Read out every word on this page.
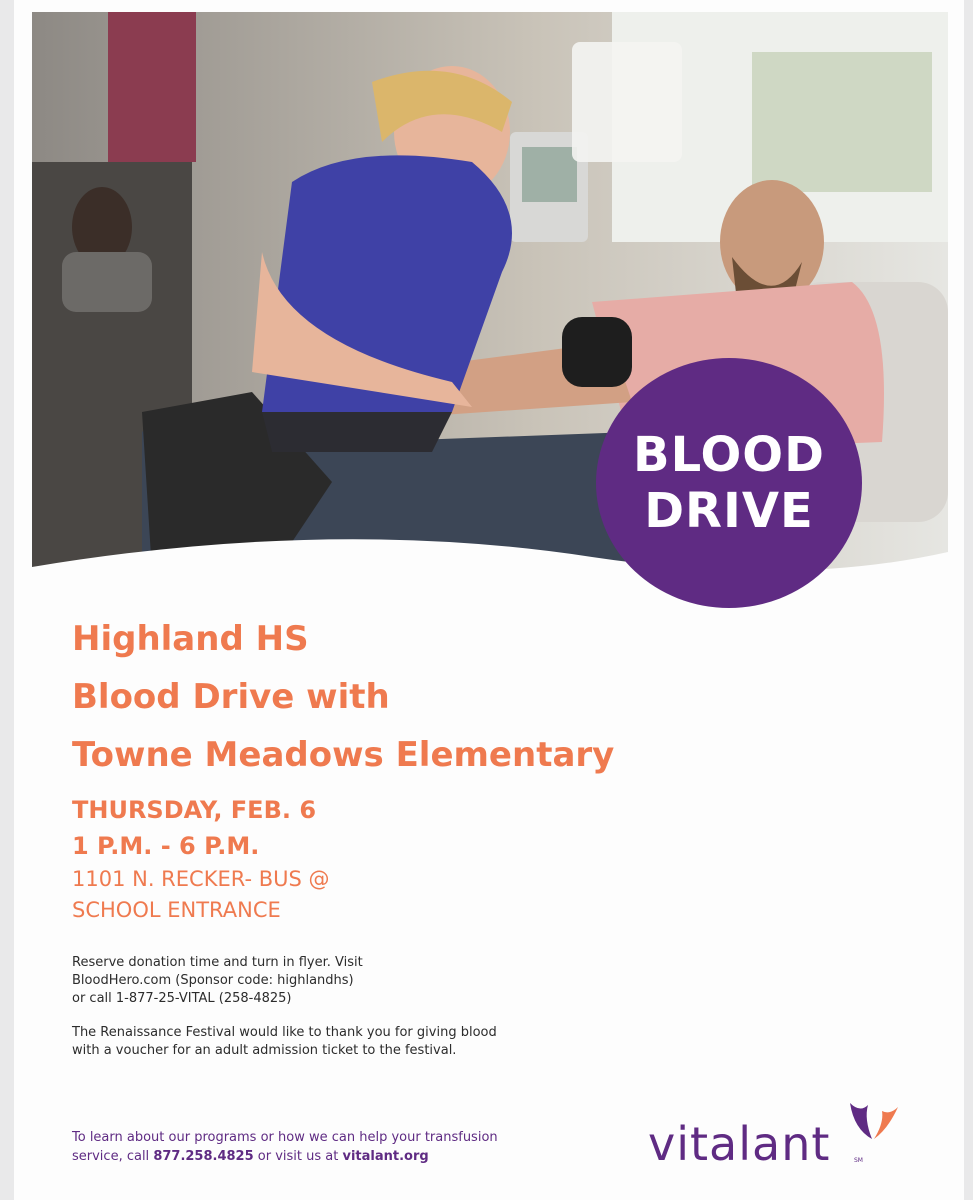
BLOOD
DRIVE
Highland HS
Blood Drive with
Towne Meadows Elementary
THURSDAY, FEB. 6
1 P.M. - 6 P.M.
1101 N. RECKER- BUS @
SCHOOL ENTRANCE

Reserve donation time and turn in flyer. Visit

BloodHero.com (Sponsor code: highlandhs)

or call 1-877-25-VITAL (258-4825)

The Renaissance Festival would like to thank you for giving blood

with a voucher for an adult admission ticket to the festival.

To learn about our programs or how we can help your transfusion
service, call 877.258.4825 or visit us at vitalant.org	vitalant	SM
